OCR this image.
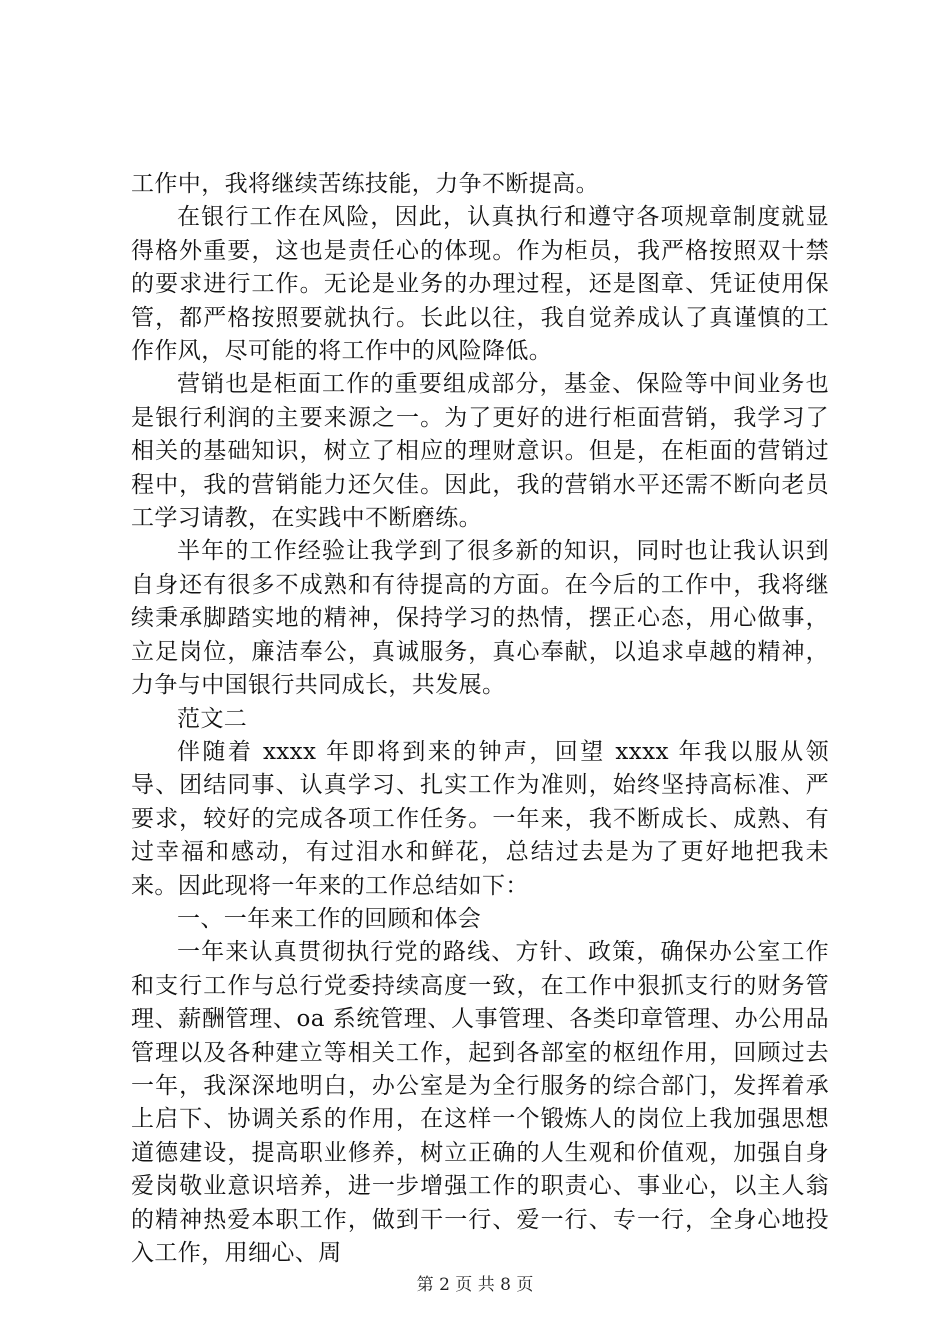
工作中，我将继续苦练技能，力争不断提高。

在银行工作在风险，因此，认真执行和遵守各项规章制度就显得格外重要，这也是责任心的体现。作为柜员，我严格按照双十禁的要求进行工作。无论是业务的办理过程，还是图章、凭证使用保管，都严格按照要就执行。长此以往，我自觉养成认了真谨慎的工作作风，尽可能的将工作中的风险降低。

营销也是柜面工作的重要组成部分，基金、保险等中间业务也是银行利润的主要来源之一。为了更好的进行柜面营销，我学习了相关的基础知识，树立了相应的理财意识。但是，在柜面的营销过程中，我的营销能力还欠佳。因此，我的营销水平还需不断向老员工学习请教，在实践中不断磨练。

半年的工作经验让我学到了很多新的知识，同时也让我认识到自身还有很多不成熟和有待提高的方面。在今后的工作中，我将继续秉承脚踏实地的精神，保持学习的热情，摆正心态，用心做事，立足岗位，廉洁奉公，真诚服务，真心奉献，以追求卓越的精神，力争与中国银行共同成长，共发展。

范文二

伴随着 xxxx 年即将到来的钟声，回望 xxxx 年我以服从领导、团结同事、认真学习、扎实工作为准则，始终坚持高标准、严要求，较好的完成各项工作任务。一年来，我不断成长、成熟、有过幸福和感动，有过泪水和鲜花，总结过去是为了更好地把我未来。因此现将一年来的工作总结如下：

一、一年来工作的回顾和体会

一年来认真贯彻执行党的路线、方针、政策，确保办公室工作和支行工作与总行党委持续高度一致，在工作中狠抓支行的财务管理、薪酬管理、oa 系统管理、人事管理、各类印章管理、办公用品管理以及各种建立等相关工作，起到各部室的枢纽作用，回顾过去一年，我深深地明白，办公室是为全行服务的综合部门，发挥着承上启下、协调关系的作用，在这样一个锻炼人的岗位上我加强思想道德建设，提高职业修养，树立正确的人生观和价值观，加强自身爱岗敬业意识培养，进一步增强工作的职责心、事业心，以主人翁的精神热爱本职工作，做到干一行、爱一行、专一行，全身心地投入工作，用细心、周

第 2 页 共 8 页
